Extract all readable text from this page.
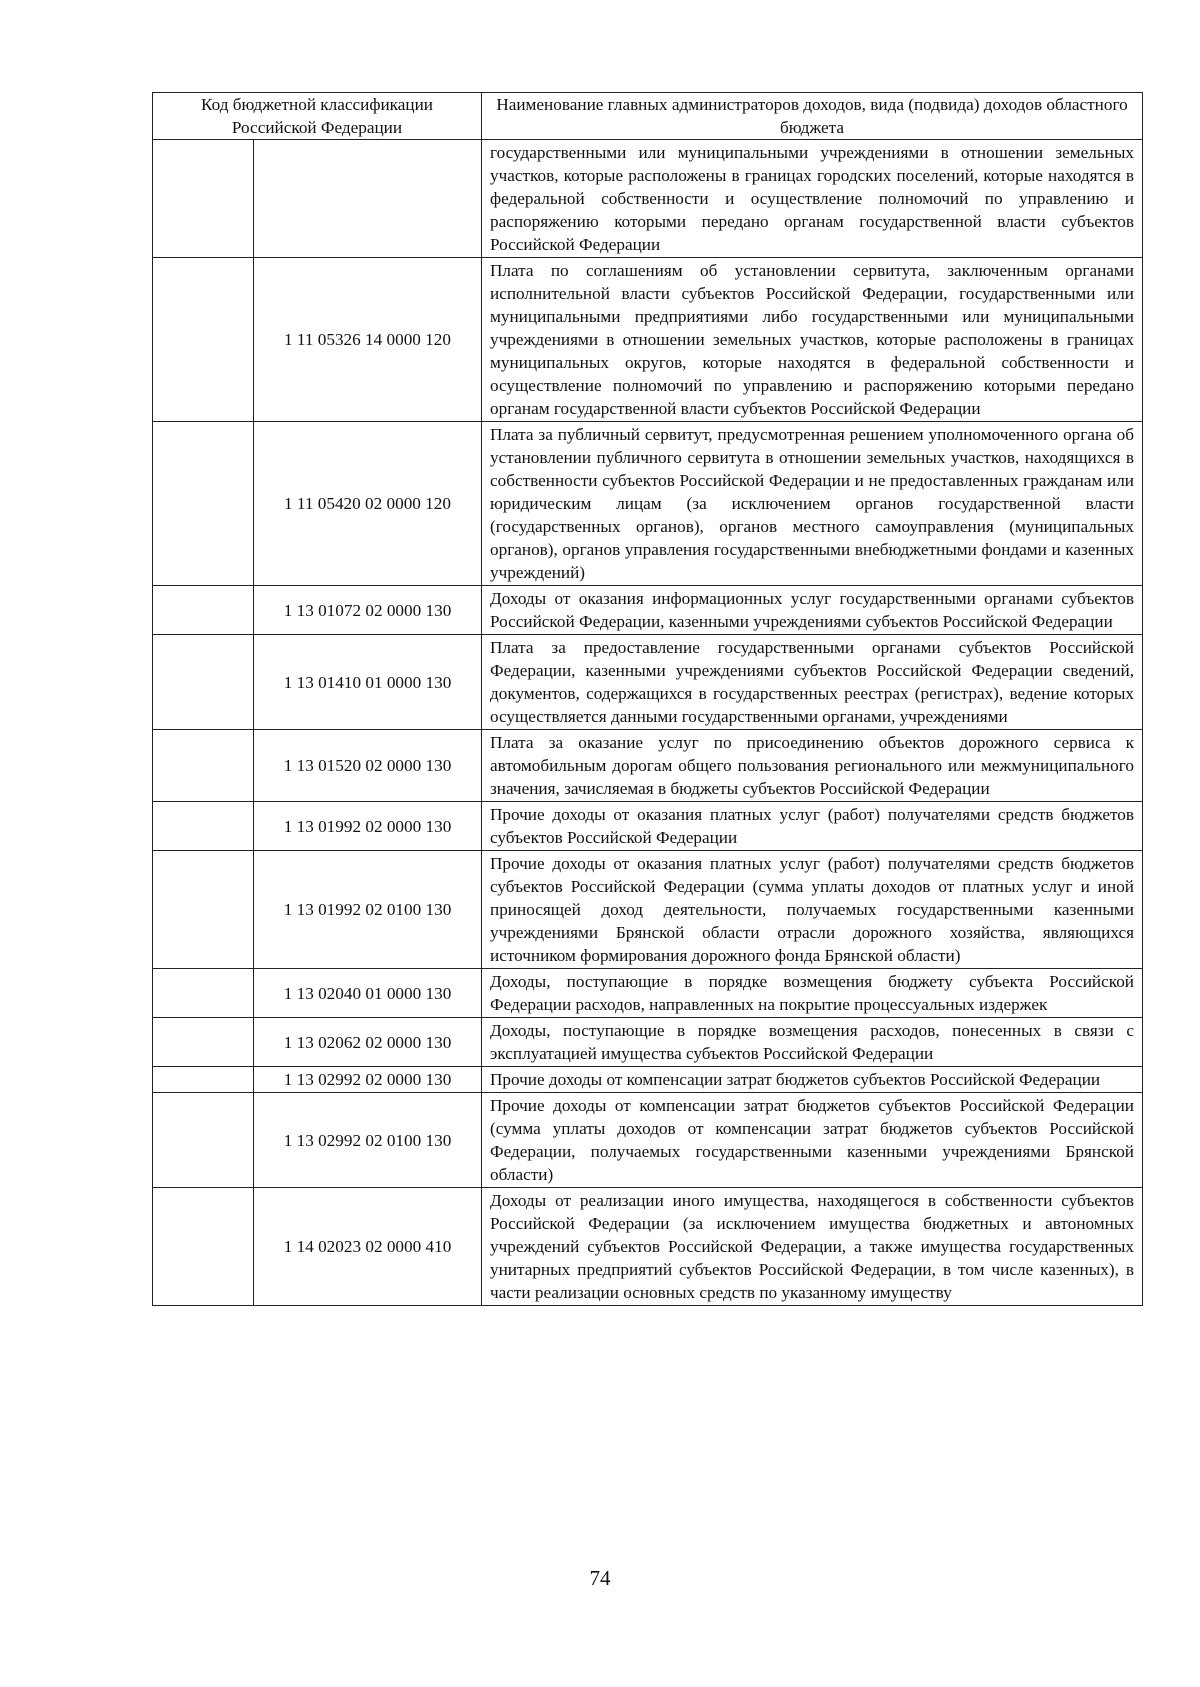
Код бюджетной классификации Российской Федерации		Наименование главных администраторов доходов, вида (подвида) доходов областного бюджета
		государственными или муниципальными учреждениями в отношении земельных участков, которые расположены в границах городских поселений, которые находятся в федеральной собственности и осуществление полномочий по управлению и распоряжению которыми передано органам государственной власти субъектов Российской Федерации
	1 11 05326 14 0000 120	Плата по соглашениям об установлении сервитута, заключенным органами исполнительной власти субъектов Российской Федерации, государственными или муниципальными предприятиями либо государственными или муниципальными учреждениями в отношении земельных участков, которые расположены в границах муниципальных округов, которые находятся в федеральной собственности и осуществление полномочий по управлению и распоряжению которыми передано органам государственной власти субъектов Российской Федерации
	1 11 05420 02 0000 120	Плата за публичный сервитут, предусмотренная решением уполномоченного органа об установлении публичного сервитута в отношении земельных участков, находящихся в собственности субъектов Российской Федерации и не предоставленных гражданам или юридическим лицам (за исключением органов государственной власти (государственных органов), органов местного самоуправления (муниципальных органов), органов управления государственными внебюджетными фондами и казенных учреждений)
	1 13 01072 02 0000 130	Доходы от оказания информационных услуг государственными органами субъектов Российской Федерации, казенными учреждениями субъектов Российской Федерации
	1 13 01410 01 0000 130	Плата за предоставление государственными органами субъектов Российской Федерации, казенными учреждениями субъектов Российской Федерации сведений, документов, содержащихся в государственных реестрах (регистрах), ведение которых осуществляется данными государственными органами, учреждениями
	1 13 01520 02 0000 130	Плата за оказание услуг по присоединению объектов дорожного сервиса к автомобильным дорогам общего пользования регионального или межмуниципального значения, зачисляемая в бюджеты субъектов Российской Федерации
	1 13 01992 02 0000 130	Прочие доходы от оказания платных услуг (работ) получателями средств бюджетов субъектов Российской Федерации
	1 13 01992 02 0100 130	Прочие доходы от оказания платных услуг (работ) получателями средств бюджетов субъектов Российской Федерации (сумма уплаты доходов от платных услуг и иной приносящей доход деятельности, получаемых государственными казенными учреждениями Брянской области отрасли дорожного хозяйства, являющихся источником формирования дорожного фонда Брянской области)
	1 13 02040 01 0000 130	Доходы, поступающие в порядке возмещения бюджету субъекта Российской Федерации расходов, направленных на покрытие процессуальных издержек
	1 13 02062 02 0000 130	Доходы, поступающие в порядке возмещения расходов, понесенных в связи с эксплуатацией имущества субъектов Российской Федерации
	1 13 02992 02 0000 130	Прочие доходы от компенсации затрат бюджетов субъектов Российской Федерации
	1 13 02992 02 0100 130	Прочие доходы от компенсации затрат бюджетов субъектов Российской Федерации (сумма уплаты доходов от компенсации затрат бюджетов субъектов Российской Федерации, получаемых государственными казенными учреждениями Брянской области)
	1 14 02023 02 0000 410	Доходы от реализации иного имущества, находящегося в собственности субъектов Российской Федерации (за исключением имущества бюджетных и автономных учреждений субъектов Российской Федерации, а также имущества государственных унитарных предприятий субъектов Российской Федерации, в том числе казенных), в части реализации основных средств по указанному имуществу
74
